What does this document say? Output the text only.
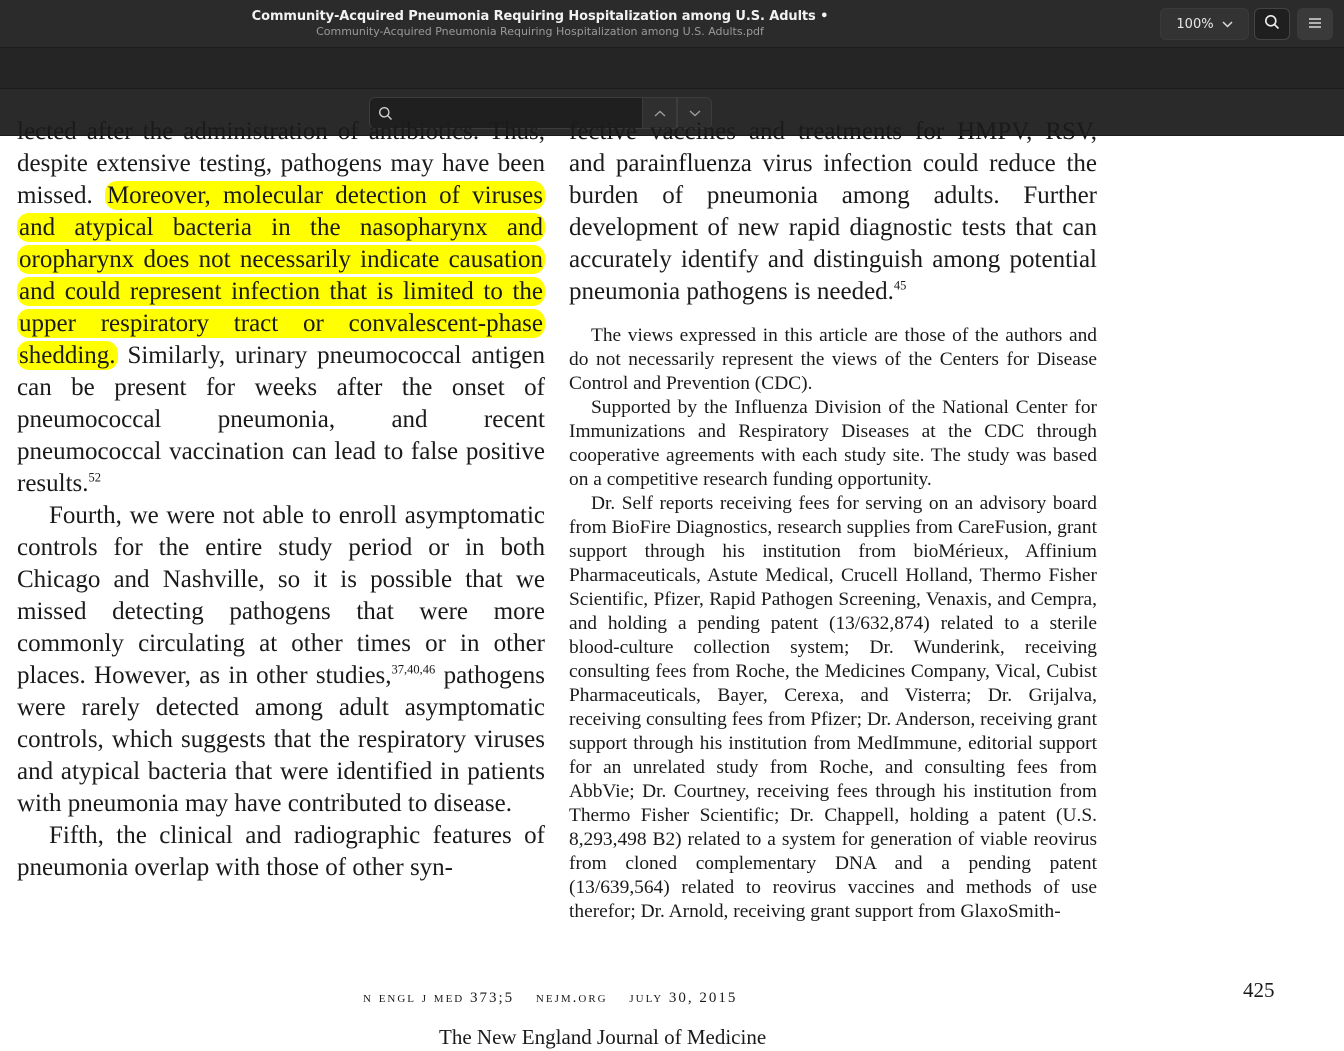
Community-Acquired Pneumonia Requiring Hospitalization among U.S. Adults •
Community-Acquired Pneumonia Requiring Hospitalization among U.S. Adults.pdf	100%

lected after the administration of antibiotics. Thus, despite extensive testing, pathogens may have been missed. Moreover, molecular detection of viruses and atypical bacteria in the nasopharynx and oropharynx does not necessarily indicate causation and could represent infection that is limited to the upper respiratory tract or convalescent-phase shedding. Similarly, urinary pneumococcal antigen can be present for weeks after the onset of pneumococcal pneumonia, and recent pneumococcal vaccination can lead to false positive results.$^{52}$

Fourth, we were not able to enroll asymptomatic controls for the entire study period or in both Chicago and Nashville, so it is possible that we missed detecting pathogens that were more commonly circulating at other times or in other places. However, as in other studies,$^{37,40,46}$ pathogens were rarely detected among adult asymptomatic controls, which suggests that the respiratory viruses and atypical bacteria that were identified in patients with pneumonia may have contributed to disease.

Fifth, the clinical and radiographic features of pneumonia overlap with those of other syn-

fective vaccines and treatments for HMPV, RSV, and parainfluenza virus infection could reduce the burden of pneumonia among adults. Further development of new rapid diagnostic tests that can accurately identify and distinguish among potential pneumonia pathogens is needed.$^{45}$

The views expressed in this article are those of the authors and do not necessarily represent the views of the Centers for Disease Control and Prevention (CDC).

Supported by the Influenza Division of the National Center for Immunizations and Respiratory Diseases at the CDC through cooperative agreements with each study site. The study was based on a competitive research funding opportunity.

Dr. Self reports receiving fees for serving on an advisory board from BioFire Diagnostics, research supplies from CareFusion, grant support through his institution from bioMérieux, Affinium Pharmaceuticals, Astute Medical, Crucell Holland, Thermo Fisher Scientific, Pfizer, Rapid Pathogen Screening, Venaxis, and Cempra, and holding a pending patent (13/632,874) related to a sterile blood-culture collection system; Dr. Wunderink, receiving consulting fees from Roche, the Medicines Company, Vical, Cubist Pharmaceuticals, Bayer, Cerexa, and Visterra; Dr. Grijalva, receiving consulting fees from Pfizer; Dr. Anderson, receiving grant support through his institution from MedImmune, editorial support for an unrelated study from Roche, and consulting fees from AbbVie; Dr. Courtney, receiving fees through his institution from Thermo Fisher Scientific; Dr. Chappell, holding a patent (U.S. 8,293,498 B2) related to a system for generation of viable reovirus from cloned complementary DNA and a pending patent (13/639,564) related to reovirus vaccines and methods of use therefor; Dr. Arnold, receiving grant support from GlaxoSmith-

n engl j med 373;5 nejm.org july 30, 2015	425
The New England Journal of Medicine
